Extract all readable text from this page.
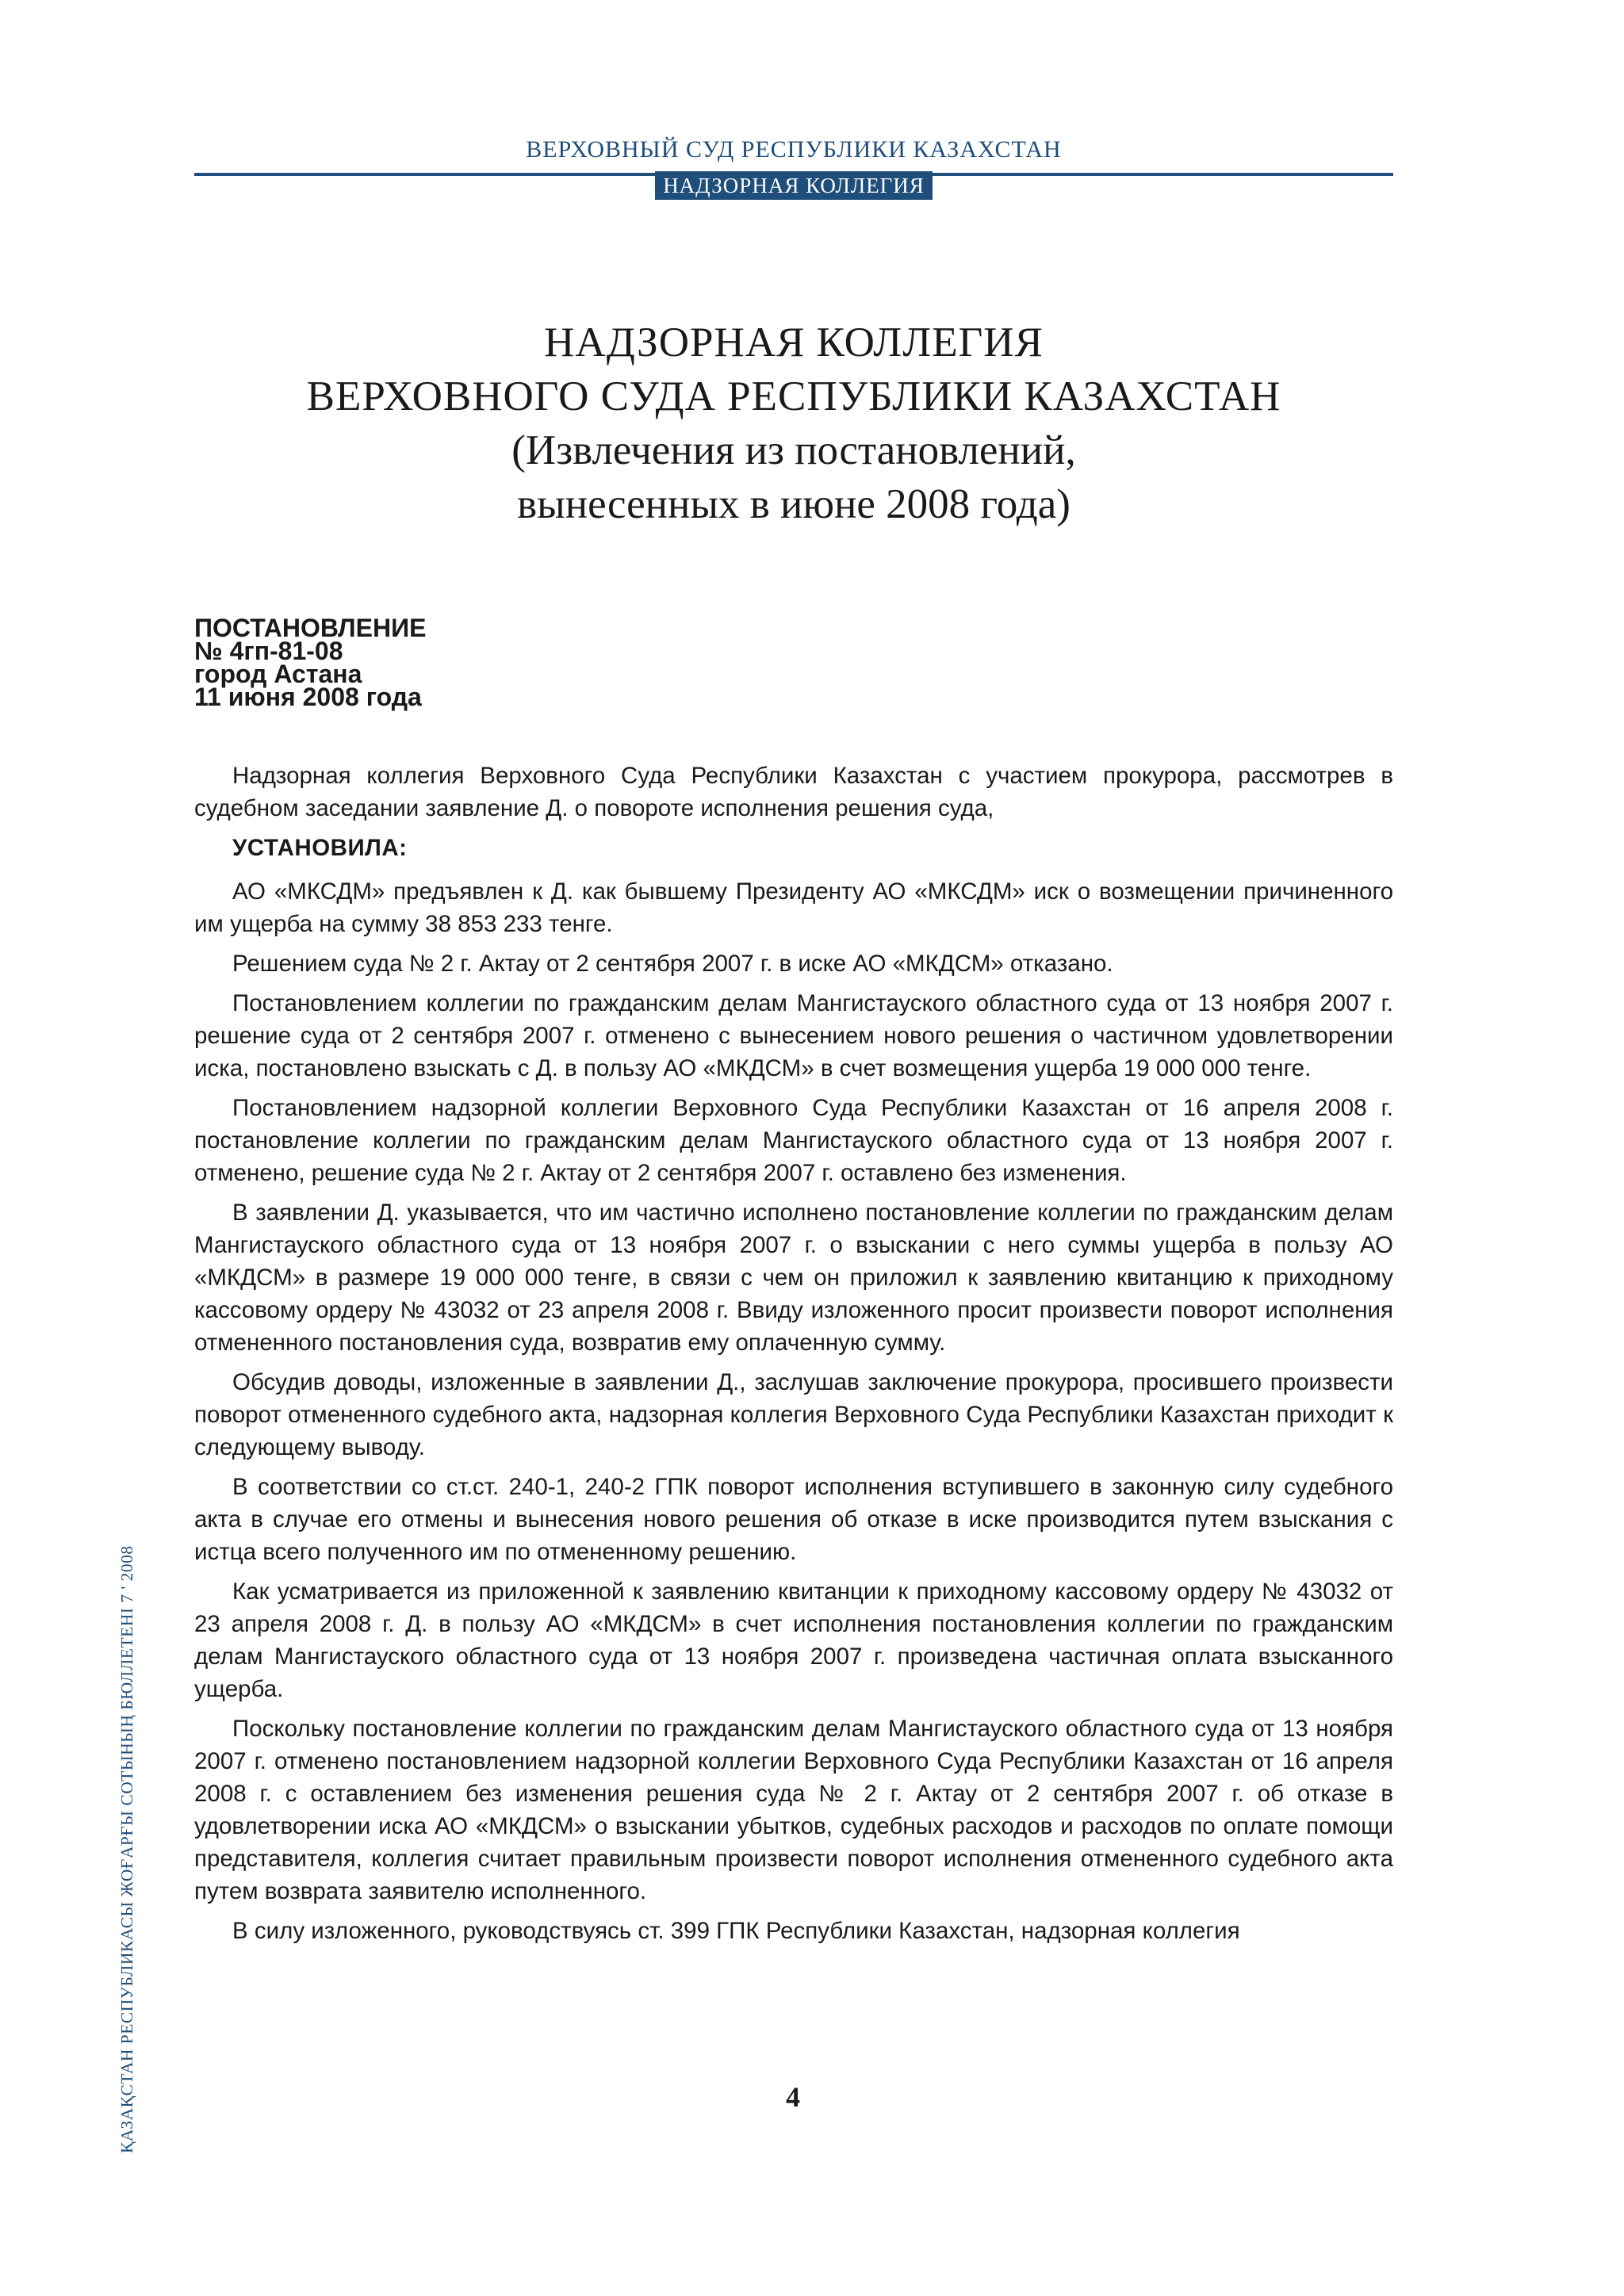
ВЕРХОВНЫЙ СУД РЕСПУБЛИКИ КАЗАХСТАН
НАДЗОРНАЯ КОЛЛЕГИЯ
НАДЗОРНАЯ КОЛЛЕГИЯ
ВЕРХОВНОГО СУДА РЕСПУБЛИКИ КАЗАХСТАН
(Извлечения из постановлений,
вынесенных в июне 2008 года)
ПОСТАНОВЛЕНИЕ
№ 4гп-81-08
город Астана
11 июня 2008 года

Надзорная коллегия Верховного Суда Республики Казахстан с участием прокурора, рассмотрев в судебном заседании заявление Д. о повороте исполнения решения суда,

УСТАНОВИЛА:

АО «МКСДМ» предъявлен к Д. как бывшему Президенту АО «МКСДМ» иск о возмещении причиненного им ущерба на сумму 38 853 233 тенге.

Решением суда № 2 г. Актау от 2 сентября 2007 г. в иске АО «МКДСМ» отказано.

Постановлением коллегии по гражданским делам Мангистауского областного суда от 13 ноября 2007 г. решение суда от 2 сентября 2007 г. отменено с вынесением нового решения о частичном удовлетворении иска, постановлено взыскать с Д. в пользу АО «МКДСМ» в счет возмещения ущерба 19 000 000 тенге.

Постановлением надзорной коллегии Верховного Суда Республики Казахстан от 16 апреля 2008 г. постановление коллегии по гражданским делам Мангистауского областного суда от 13 ноября 2007 г. отменено, решение суда № 2 г. Актау от 2 сентября 2007 г. оставлено без изменения.

В заявлении Д. указывается, что им частично исполнено постановление коллегии по гражданским делам Мангистауского областного суда от 13 ноября 2007 г. о взыскании с него суммы ущерба в пользу АО «МКДСМ» в размере 19 000 000 тенге, в связи с чем он приложил к заявлению квитанцию к приходному кассовому ордеру № 43032 от 23 апреля 2008 г. Ввиду изложенного просит произвести поворот исполнения отмененного постановления суда, возвратив ему оплаченную сумму.

Обсудив доводы, изложенные в заявлении Д., заслушав заключение прокурора, просившего произвести поворот отмененного судебного акта, надзорная коллегия Верховного Суда Республики Казахстан приходит к следующему выводу.

В соответствии со ст.ст. 240-1, 240-2 ГПК поворот исполнения вступившего в законную силу судебного акта в случае его отмены и вынесения нового решения об отказе в иске производится путем взыскания с истца всего полученного им по отмененному решению.

Как усматривается из приложенной к заявлению квитанции к приходному кассовому ордеру № 43032 от 23 апреля 2008 г. Д. в пользу АО «МКДСМ» в счет исполнения постановления коллегии по гражданским делам Мангистауского областного суда от 13 ноября 2007 г. произведена частичная оплата взысканного ущерба.

Поскольку постановление коллегии по гражданским делам Мангистауского областного суда от 13 ноября 2007 г. отменено постановлением надзорной коллегии Верховного Суда Республики Казахстан от 16 апреля 2008 г. с оставлением без изменения решения суда № 2 г. Актау от 2 сентября 2007 г. об отказе в удовлетворении иска АО «МКДСМ» о взыскании убытков, судебных расходов и расходов по оплате помощи представителя, коллегия считает правильным произвести поворот исполнения отмененного судебного акта путем возврата заявителю исполненного.

В силу изложенного, руководствуясь ст. 399 ГПК Республики Казахстан, надзорная коллегия

ҚАЗАҚСТАН РЕСПУБЛИКАСЫ ЖОҒАРҒЫ СОТЫНЫҢ БЮЛЛЕТЕНІ 7 ' 2008	4
